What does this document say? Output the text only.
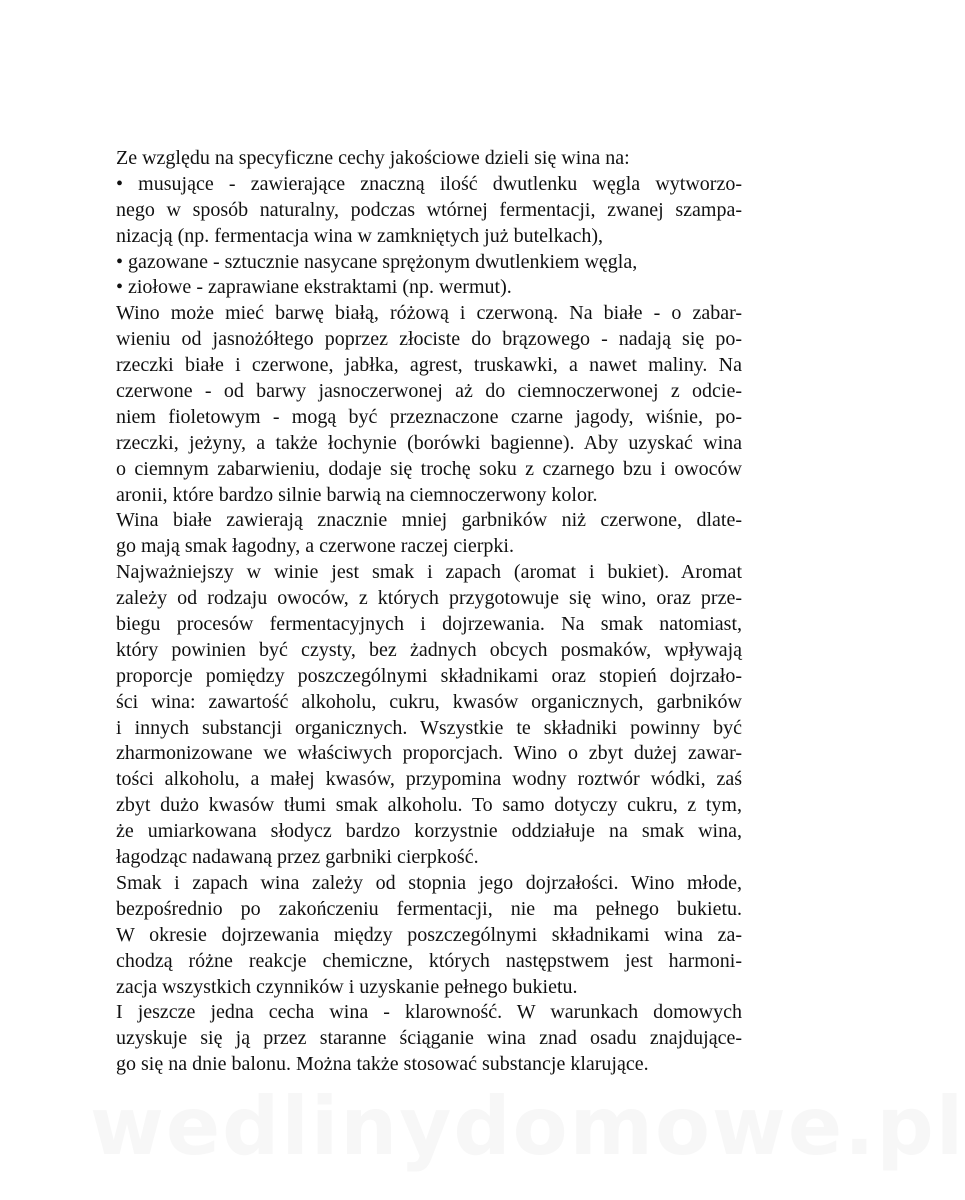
Ze względu na specyficzne cechy jakościowe dzieli się wina na:
• musujące - zawierające znaczną ilość dwutlenku węgla wytworzo-
nego w sposób naturalny, podczas wtórnej fermentacji, zwanej szampa-
nizacją (np. fermentacja wina w zamkniętych już butelkach),
• gazowane - sztucznie nasycane sprężonym dwutlenkiem węgla,
• ziołowe - zaprawiane ekstraktami (np. wermut).
Wino może mieć barwę białą, różową i czerwoną. Na białe - o zabar-
wieniu od jasnożółtego poprzez złociste do brązowego - nadają się po-
rzeczki białe i czerwone, jabłka, agrest, truskawki, a nawet maliny. Na
czerwone - od barwy jasnoczerwonej aż do ciemnoczerwonej z odcie-
niem fioletowym - mogą być przeznaczone czarne jagody, wiśnie, po-
rzeczki, jeżyny, a także łochynie (borówki bagienne). Aby uzyskać wina
o ciemnym zabarwieniu, dodaje się trochę soku z czarnego bzu i owoców
aronii, które bardzo silnie barwią na ciemnoczerwony kolor.
Wina białe zawierają znacznie mniej garbników niż czerwone, dlate-
go mają smak łagodny, a czerwone raczej cierpki.
Najważniejszy w winie jest smak i zapach (aromat i bukiet). Aromat
zależy od rodzaju owoców, z których przygotowuje się wino, oraz prze-
biegu procesów fermentacyjnych i dojrzewania. Na smak natomiast,
który powinien być czysty, bez żadnych obcych posmaków, wpływają
proporcje pomiędzy poszczególnymi składnikami oraz stopień dojrzało-
ści wina: zawartość alkoholu, cukru, kwasów organicznych, garbników
i innych substancji organicznych. Wszystkie te składniki powinny być
zharmonizowane we właściwych proporcjach. Wino o zbyt dużej zawar-
tości alkoholu, a małej kwasów, przypomina wodny roztwór wódki, zaś
zbyt dużo kwasów tłumi smak alkoholu. To samo dotyczy cukru, z tym,
że umiarkowana słodycz bardzo korzystnie oddziałuje na smak wina,
łagodząc nadawaną przez garbniki cierpkość.
Smak i zapach wina zależy od stopnia jego dojrzałości. Wino młode,
bezpośrednio po zakończeniu fermentacji, nie ma pełnego bukietu.
W okresie dojrzewania między poszczególnymi składnikami wina za-
chodzą różne reakcje chemiczne, których następstwem jest harmoni-
zacja wszystkich czynników i uzyskanie pełnego bukietu.
I jeszcze jedna cecha wina - klarowność. W warunkach domowych
uzyskuje się ją przez staranne ściąganie wina znad osadu znajdujące-
go się na dnie balonu. Można także stosować substancje klarujące.
wedlinydomowe.pl
